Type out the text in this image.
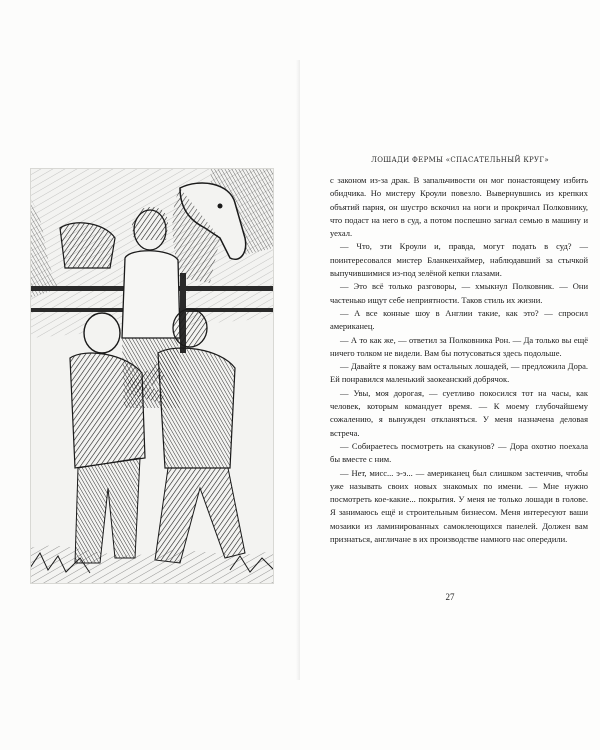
ЛОШАДИ ФЕРМЫ «СПАСАТЕЛЬНЫЙ КРУГ»

с законом из-за драк. В запальчивости он мог понастоящему избить обидчика. Но мистеру Кроули повезло. Вывернувшись из крепких объятий парня, он шустро вскочил на ноги и прокричал Полковнику, что подаст на него в суд, а потом поспешно загнал семью в машину и уехал.

— Что, эти Кроули и, правда, могут подать в суд? — поинтересовался мистер Бланкенхаймер, наблюдавший за стычкой выпучившимися из-под зелёной кепки глазами.

— Это всё только разговоры, — хмыкнул Полковник. — Они частенько ищут себе неприятности. Таков стиль их жизни.

— А все конные шоу в Англии такие, как это? — спросил американец.

— А то как же, — ответил за Полковника Рон. — Да только вы ещё ничего толком не видели. Вам бы потусоваться здесь подольше.

— Давайте я покажу вам остальных лошадей, — предложила Дора. Ей понравился маленький заокеанский добрячок.

— Увы, моя дорогая, — суетливо покосился тот на часы, как человек, которым командует время. — К моему глубочайшему сожалению, я вынужден откланяться. У меня назначена деловая встреча.

— Собираетесь посмотреть на скакунов? — Дора охотно поехала бы вместе с ним.

— Нет, мисс... э-э... — американец был слишком застенчив, чтобы уже называть своих новых знакомых по имени. — Мне нужно посмотреть кое-какие... покрытия. У меня не только лошади в голове. Я занимаюсь ещё и строительным бизнесом. Меня интересуют ваши мозаики из ламинированных самоклеющихся панелей. Должен вам признаться, англичане в их производстве намного нас опередили.

27
